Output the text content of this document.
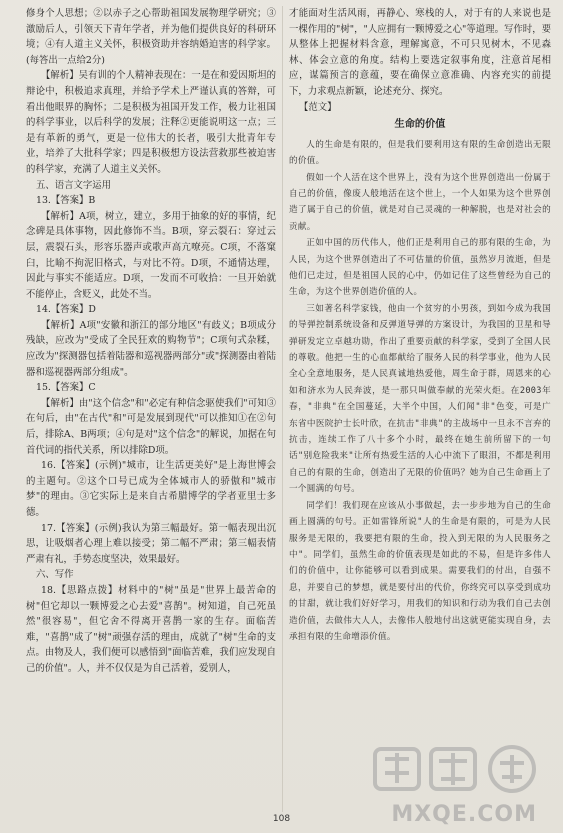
修身个人思想；②以赤子之心帮助祖国发展物理学研究；③激励后人，引领天下青年学者，并为他们提供良好的科研环境；④有人道主义关怀，积极资助并容纳婚迫害的科学家。(每答出一点给2分)

【解析】吴有训的个人精神表现在：一是在和爱因斯坦的辩论中，积极追求真理，并给予学术上严谨认真的答辩，可看出他眼界的胸怀；二是积极为祖国开发工作，极力让祖国的科学事业，以后科学的发展；注释②更能说明这一点；三是有革新的勇气，更是一位伟大的长者，吸引大批青年专业，培养了大批科学家；四是积极想方设法营救那些被迫害的科学家，充满了人道主义关怀。

五、语言文字运用

13.【答案】B

【解析】A项，树立，建立，多用于抽象的好的事情，纪念碑是具体事物，因此修饰不当。B项，穿云裂石：穿过云层，震裂石头，形容乐器声或歌声高亢嘹亮。C项，不落窠臼，比喻不拘泥旧格式，与对比不符。D项，不通情达理，因此与事实不能适应。D项，一发而不可收拾：一旦开始就不能停止，含贬义，此处不当。

14.【答案】D

【解析】A项"安徽和浙江的部分地区"有歧义；B项成分残缺，应改为"受成了全民狂欢的购物节"；C项句式杂糅，应改为"探测器包括着陆器和巡视器两部分"或"探测器由着陆器和巡视器两部分组成"。

15.【答案】C

【解析】由"这个信念"和"必定有种信念驱使我们"可知③在句后，由"在古代"和"可是发展到现代"可以推知①在②句后，排除A、B两项；④句是对"这个信念"的解说，加据在句首代词的指代关系，所以排除D项。

16.【答案】(示例)"城市，让生活更美好"是上海世博会的主题句。②这个口号已成为全体城市人的骄傲和"城市梦"的理由。③它实际上是来自古希腊博学的学者亚里士多德。

17.【答案】(示例)我认为第三幅最好。第一幅表现出沉思，让吸烟者心理上难以接受；第二幅不严肃；第三幅表情严肃有礼，手势态度坚决，效果最好。

六、写作

18.【思路点拨】材料中的"树"虽是"世界上最苦命的树"但它却以一颗博爱之心去爱"喜鹊"。树知道，自己死虽然"很容易"，但它舍不得离开喜鹊一家的生存。面临苦难，"喜鹊"成了"树"顽强存活的理由，成就了"树"生命的支点。由物及人，我们便可以感悟到"面临苦难，我们应发现自己的价值"。人，并不仅仅是为自己活着，爱别人，

才能面对生活风雨，再静心、寒栈的人，对于有的人来说也是一棵作用的"树"，"人应拥有一颗博爱之心"等道理。写作时，要从整体上把握材料含意，理解寓意，不可只见树木，不见森林、体会立意的角度。结构上要选定叙事角度，注意首尾相应，谋篇预言的意蕴，要在确保立意准确、内容充实的前提下，力求观点新颖，论述充分、探究。

【范文】

生命的价值

人的生命是有限的，但是我们要利用这有限的生命创造出无限的价值。

假如一个人活在这个世界上，没有为这个世界创造出一份属于自己的价值，像废人般地活在这个世上，一个人如果为这个世界创造了属于自己的价值，就是对自己灵魂的一种解脱，也是对社会的贡献。

正如中国的历代伟人，他们正是利用自己的那有限的生命，为人民，为这个世界创造出了不可估量的价值，虽然岁月流逝，但是他们已走过，但是祖国人民的心中，仍如记住了这些曾经为自己的生命，为这个世界创造价值的人。

三如著名科学家钱，他由一个贫穷的小男孩，到如今成为我国的导弹控制系统设备和反弹道导弹的方案设计，为我国的卫星和导弹研发定立卓越功勋，作出了重要贡献的科学家，受到了全国人民的尊敬。他把一生的心血都献给了服务人民的科学事业，他为人民全心全意地服务，是人民真诚地热爱他，周生命于群，周恩来的心如和济水为人民奔波，是一那只叫做奉献的光荣火炬。在2003年春，"非典"在全国蔓延，大半个中国，人们闻"非"色变，可是广东省中医院护士长叶欣，在抗击"非典"的主战场中一旦永不言弃的抗击，连续工作了八十多个小时，最终在她生前所留下的一句话"别危险我来"让所有热爱生活的人心中流下了眼泪，不都是利用自己的有限的生命，创造出了无限的价值吗？她为自己生命画上了一个圆满的句号。

同学们！我们现在应该从小事做起，去一步步地为自己的生命画上圆满的句号。正如雷锋所说"人的生命是有限的，可是为人民服务是无限的，我要把有限的生命，投入到无限的为人民服务之中"。同学们，虽然生命的价值表现是如此的不易，但是许多伟人们的价值中，让你能够可以看到成果。需要我们的付出，自强不息，并要自己的梦想，就是要付出的代价，你终究可以享受到成功的甘甜，就让我们好好学习，用我们的知识和行动为我们自己去创造价值，去做伟大人人，去像伟人般地付出这就更能实现自身，去承担有限的生命增添价值。

108	MXQE.COM
